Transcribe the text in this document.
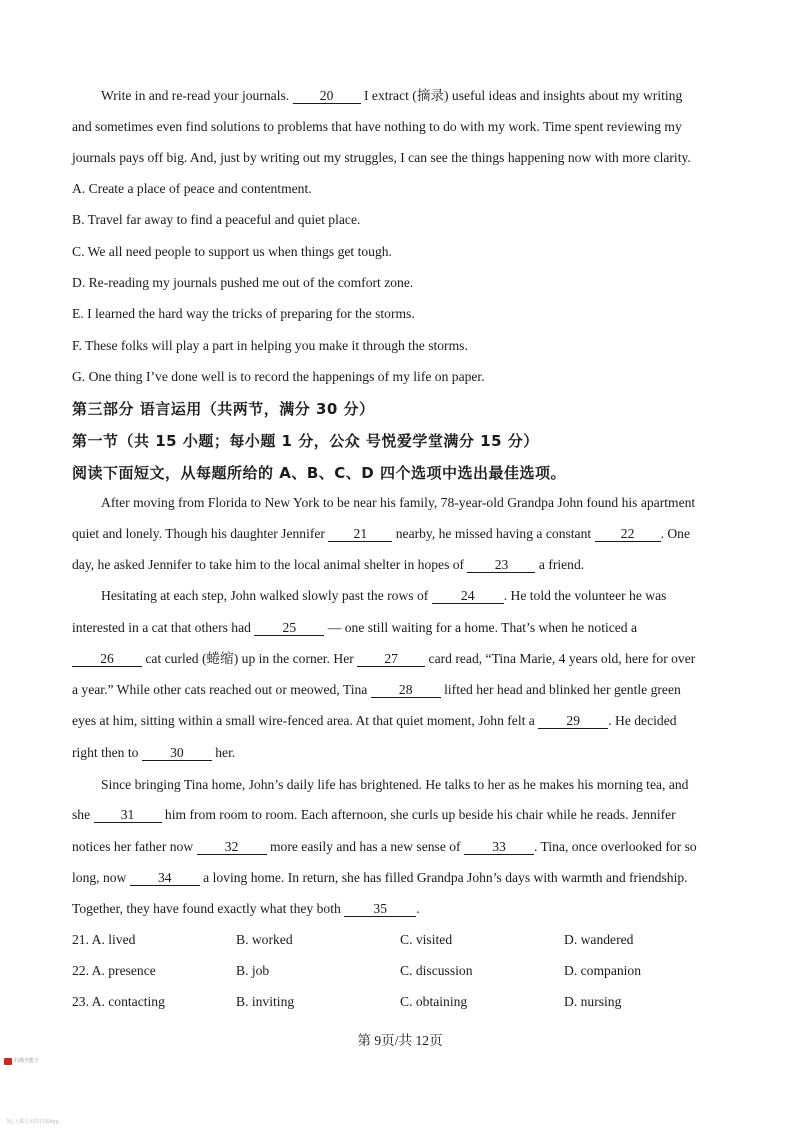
Write in and re-read your journals. 20 I extract (摘录) useful ideas and insights about my writing
and sometimes even find solutions to problems that have nothing to do with my work. Time spent reviewing my
journals pays off big. And, just by writing out my struggles, I can see the things happening now with more clarity.
A. Create a place of peace and contentment.
B. Travel far away to find a peaceful and quiet place.
C. We all need people to support us when things get tough.
D. Re-reading my journals pushed me out of the comfort zone.
E. I learned the hard way the tricks of preparing for the storms.
F. These folks will play a part in helping you make it through the storms.
G. One thing I’ve done well is to record the happenings of my life on paper.
第三部分 语言运用（共两节，满分 30 分）
第一节（共 15 小题；每小题 1 分，公众 号悦爱学堂满分 15 分）
阅读下面短文，从每题所给的 A、B、C、D 四个选项中选出最佳选项。
After moving from Florida to New York to be near his family, 78-year-old Grandpa John found his apartment
quiet and lonely. Though his daughter Jennifer 21 nearby, he missed having a constant 22 . One
day, he asked Jennifer to take him to the local animal shelter in hopes of 23 a friend.
Hesitating at each step, John walked slowly past the rows of 24 . He told the volunteer he was
interested in a cat that others had 25 — one still waiting for a home. That’s when he noticed a
26 cat curled (蜷缩) up in the corner. Her 27 card read, “Tina Marie, 4 years old, here for over
a year.” While other cats reached out or meowed, Tina 28 lifted her head and blinked her gentle green
eyes at him, sitting within a small wire-fenced area. At that quiet moment, John felt a 29 . He decided
right then to 30 her.
Since bringing Tina home, John’s daily life has brightened. He talks to her as he makes his morning tea, and
she 31 him from room to room. Each afternoon, she curls up beside his chair while he reads. Jennifer
notices her father now 32 more easily and has a new sense of 33 . Tina, once overlooked for so
long, now 34 a loving home. In return, she has filled Grandpa John’s days with warmth and friendship.
Together, they have found exactly what they both 35 .
21. A. lived	B. worked	C. visited	D. wandered
22. A. presence	B. job	C. discussion	D. companion
23. A. contacting	B. inviting	C. obtaining	D. nursing
第 9页/共 12页
扫描全能王
3亿人都在用的扫描App
